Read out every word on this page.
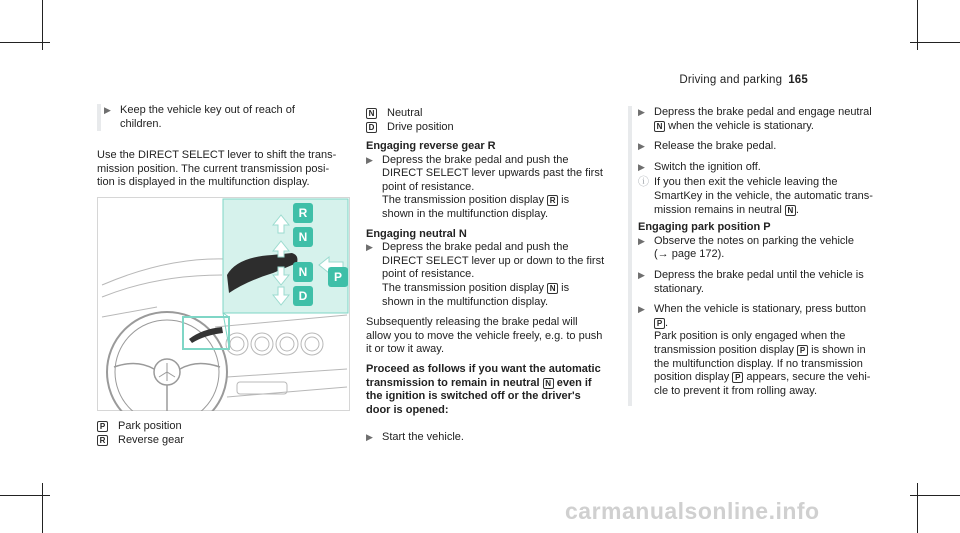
Driving and parking 165
▶ Keep the vehicle key out of reach of

children.

Use the DIRECT SELECT lever to shift the trans-

mission position. The current transmission posi-

tion is displayed in the multifunction display.

R
N
N
D
P
P Park position
R Reverse gear
N Neutral
D Drive position
Engaging reverse gear R
▶ Depress the brake pedal and push the

DIRECT SELECT lever upwards past the first

point of resistance.

The transmission position display R is

shown in the multifunction display.

Engaging neutral N
▶ Depress the brake pedal and push the

DIRECT SELECT lever up or down to the first

point of resistance.

The transmission position display N is

shown in the multifunction display.

Subsequently releasing the brake pedal will

allow you to move the vehicle freely, e.g. to push

it or tow it away.

Proceed as follows if you want the automatic
transmission to remain in neutral N even if
the ignition is switched off or the driver's
door is opened:
▶ Start the vehicle.

▶ Depress the brake pedal and engage neutral

N when the vehicle is stationary.

▶ Release the brake pedal.

▶ Switch the ignition off.

ⓘ If you then exit the vehicle leaving the

SmartKey in the vehicle, the automatic trans-

mission remains in neutral N .

Engaging park position P
▶ Observe the notes on parking the vehicle

(→ page 172).

▶ Depress the brake pedal until the vehicle is

stationary.

▶ When the vehicle is stationary, press button

P .

Park position is only engaged when the

transmission position display P is shown in

the multifunction display. If no transmission

position display P appears, secure the vehi-

cle to prevent it from rolling away.

carmanualsonline.info
